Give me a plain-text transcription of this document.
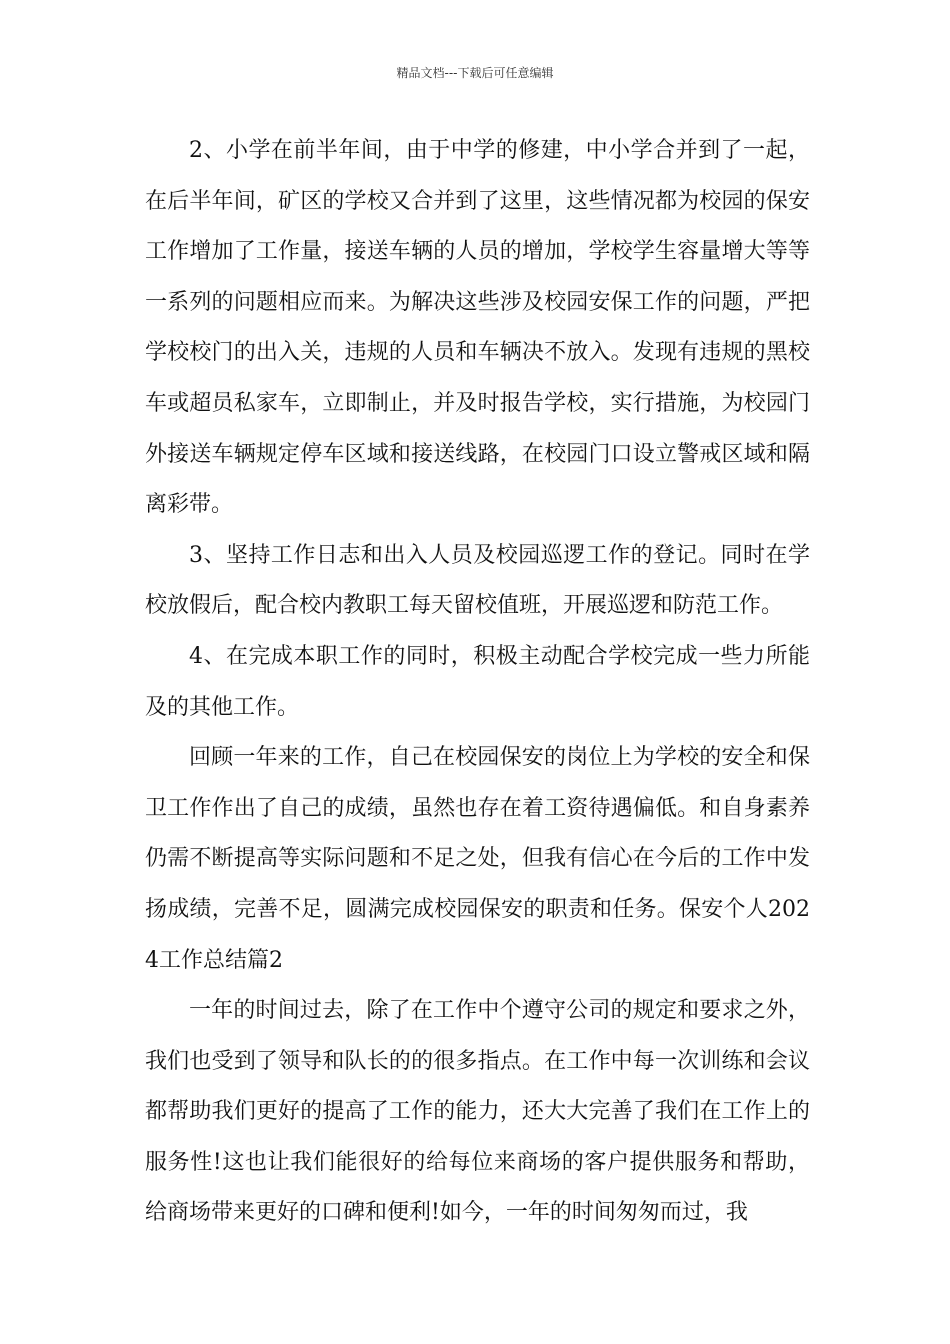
精品文档---下载后可任意编辑

2、小学在前半年间，由于中学的修建，中小学合并到了一起，在后半年间，矿区的学校又合并到了这里，这些情况都为校园的保安工作增加了工作量，接送车辆的人员的增加，学校学生容量增大等等一系列的问题相应而来。为解决这些涉及校园安保工作的问题，严把学校校门的出入关，违规的人员和车辆决不放入。发现有违规的黑校车或超员私家车，立即制止，并及时报告学校，实行措施，为校园门外接送车辆规定停车区域和接送线路，在校园门口设立警戒区域和隔离彩带。

3、坚持工作日志和出入人员及校园巡逻工作的登记。同时在学校放假后，配合校内教职工每天留校值班，开展巡逻和防范工作。

4、在完成本职工作的同时，积极主动配合学校完成一些力所能及的其他工作。

回顾一年来的工作，自己在校园保安的岗位上为学校的安全和保卫工作作出了自己的成绩，虽然也存在着工资待遇偏低。和自身素养仍需不断提高等实际问题和不足之处，但我有信心在今后的工作中发扬成绩，完善不足，圆满完成校园保安的职责和任务。保安个人2024工作总结篇2

一年的时间过去，除了在工作中个遵守公司的规定和要求之外，我们也受到了领导和队长的的很多指点。在工作中每一次训练和会议都帮助我们更好的提高了工作的能力，还大大完善了我们在工作上的服务性!这也让我们能很好的给每位来商场的客户提供服务和帮助，给商场带来更好的口碑和便利!如今，一年的时间匆匆而过，我
